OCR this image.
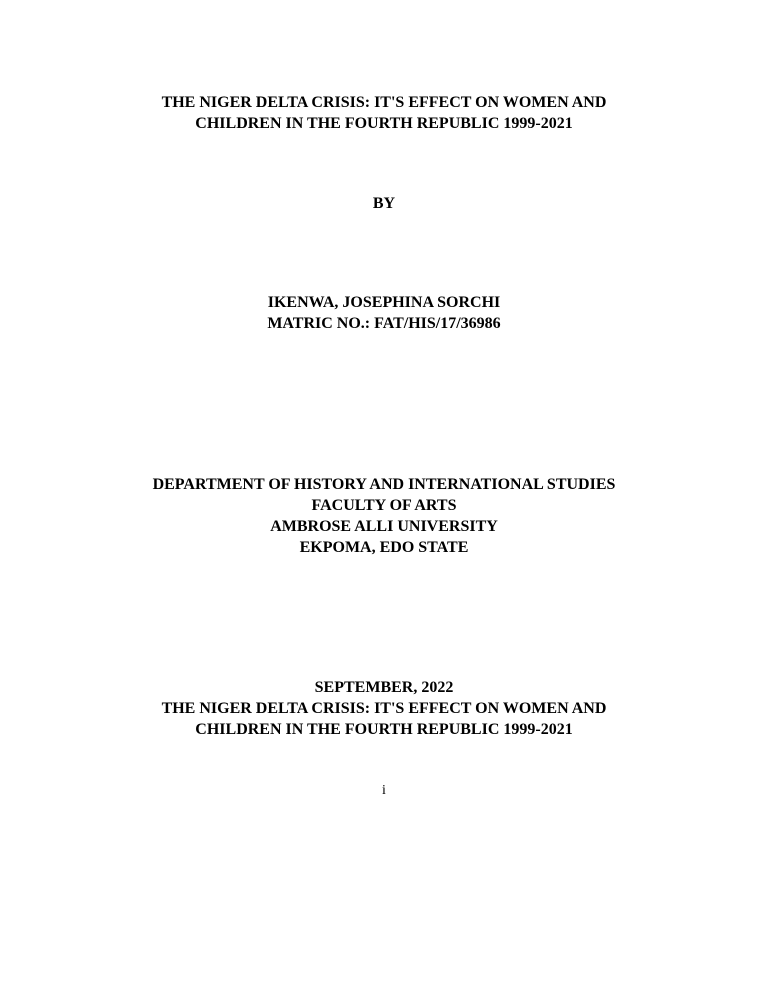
THE NIGER DELTA CRISIS: IT'S EFFECT ON WOMEN AND
CHILDREN IN THE FOURTH REPUBLIC 1999-2021
BY
IKENWA, JOSEPHINA SORCHI
MATRIC NO.: FAT/HIS/17/36986
DEPARTMENT OF HISTORY AND INTERNATIONAL STUDIES
FACULTY OF ARTS
AMBROSE ALLI UNIVERSITY
EKPOMA, EDO STATE
SEPTEMBER, 2022
THE NIGER DELTA CRISIS: IT'S EFFECT ON WOMEN AND
CHILDREN IN THE FOURTH REPUBLIC 1999-2021
i
